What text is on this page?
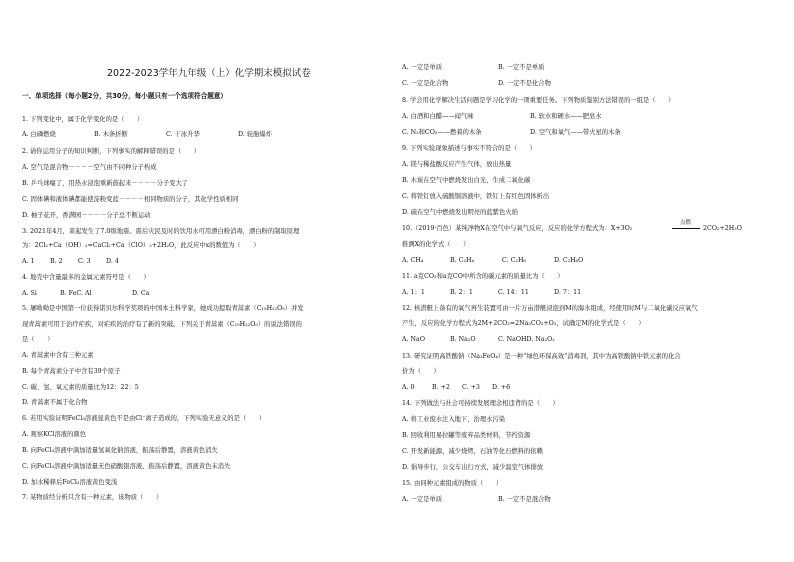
2022-2023学年九年级（上）化学期末模拟试卷
一、单项选择（每小题2分，共30分，每小题只有一个选项符合题意）
1. 下列变化中，属于化学变化的是（　　）
A. 白磷燃烧	B. 木条折断	C. 干冰升华	D. 轮胎爆炸
2. 请你运用分子的知识判断，下列事实的解释错误的是（　　）
A. 空气是混合物－－－－空气由不同种分子构成
B. 乒乓球瘪了，用热水浸泡重新鼓起来－－－－分子变大了
C. 固体碘和液体碘都能使淀粉变蓝－－－－相同物质的分子，其化学性质相同
D. 柚子花开，香满园－－－－分子总不断运动
3. 2021年4月，莱起发生了7.0级地震。震后灾民及时的饮用水可用漂白粉消毒，漂白粉的制取原理
为：2Cl₂+Ca（OH）₂=CaCl₂+Ca（ClO）₂+2H₂O，此反应中x的数值为（　　）
A. 1 B. 2 C. 3 D. 4
4. 地壳中含量最多的金属元素符号是（　　）
A. Si	B. FeC. Al	D. Ca
5. 屠呦呦是中国第一位获得诺贝尔科学奖项的中国本土科学家，她成功提取青蒿素（C₁₅H₂₂O₅）并发
现青蒿素可用于治疗疟疾，对疟疾的治疗有了新的突破。下列关于青蒿素（C₁₅H₂₂O₅）的说法错误的
是（　　）
A. 青蒿素中含有三种元素
B. 每个青蒿素分子中含有39个原子
C. 碳、氢、氧元素的质量比为12：22：5
D. 青蒿素不属于化合物
6. 若用实验证明FeCl₃溶液显黄色不是由Cl⁻离子造成的，下列实验无意义的是（　　）
A. 观察KCl溶液的颜色
B. 向FeCl₃溶液中滴加适量氢氧化钠溶液，振荡后静置，溶液黄色消失
C. 向FeCl₃溶液中滴加适量无色硝酸银溶液，振荡后静置，溶液黄色未消失
D. 加水稀释后FeCl₃溶液黄色变浅
7. 某物质经分析只含有一种元素，该物质（　　）
A. 一定是单质	B. 一定不是单质
C. 一定是化合物	D. 一定不是化合物
8. 学会用化学解决生活问题是学习化学的一项重要任务。下列物质鉴别方法错误的一组是（　　）
A. 白酒和白醋——闻气味	B. 软水和硬水——肥皂水
C. N₂和CO₂——燃着的木条	D. 空气和氧气——带火星的木条
9. 下列实验现象描述与事实不符合的是（　　）
A. 镁与稀盐酸反应产生气体，放出热量
B. 木炭在空气中燃烧发出白光，生成二氧化碳
C. 将铁钉放入硫酸铜溶液中，铁钉上有红色固体析出
D. 硫在空气中燃烧发出明亮的蓝紫色火焰
10.（2019·百色）某纯净物X在空气中与氧气反应，反应的化学方程式为：X+3O₂
点燃
2CO₂+2H₂O
推测X的化学式（　　）
A. CH₄	B. C₂H₄	C. C₂H₆	D. C₂H₆O
11. a克CO₂和a克CO中所含的碳元素的质量比为（　　）
A. 1：1	B. 2：1	C. 14：11	D. 7：11
12. 核潜艇上备有的氧气再生装置可由一片万亩潜艇浸泡到M的海水组成，经使用时M与二氧化碳反应氧气
产生，反应的化学方程式为2M+2CO₂=2Na₂CO₃+O₂，试确定M的化学式是（　　）
A. NaO	B. Na₂O	C. NaOHD. Na₂O₂
13. 研究证明高铁酸钠（Na₂FeO₄）是一种“绿色环保高效”消毒剂，其中为高铁酸钠中铁元素的化合
价为（　　）
A. 0	B. +2 C. +3 D. +6
14. 下列做法与社会可持续发展理念相违背的是（　　）
A. 将工业废水注入地下，治理水污染
B. 回收利用易拉罐等废弃品类材料，节约资源
C. 开发新能源，减少烧烤，石油等化石燃料的依赖
D. 倡导步行，公交车出行方式，减少温室气体排放
15. 由同种元素组成的物质（　　）
A. 一定是单质	B. 一定不是混合物
